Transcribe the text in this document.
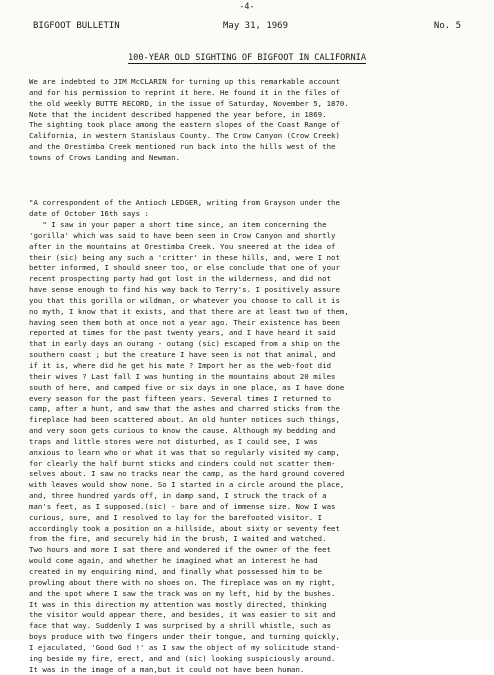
-4-
BIGFOOT BULLETIN	May 31, 1969	No. 5
100-YEAR OLD SIGHTING OF BIGFOOT IN CALIFORNIA
We are indebted to JIM McCLARIN for turning up this remarkable account
and for his permission to reprint it here. He found it in the files of
the old weekly BUTTE RECORD, in the issue of Saturday, November 5, 1870.
Note that the incident described happened the year before, in 1869.
The sighting took place among the eastern slopes of the Coast Range of
California, in western Stanislaus County. The Crow Canyon (Crow Creek)
and the Orestimba Creek mentioned run back into the hills west of the
towns of Crows Landing and Newman.
"A correspondent of the Antioch LEDGER, writing from Grayson under the
date of October 16th says :
" I saw in your paper a short time since, an item concerning the
'gorilla' which was said to have been seen in Crow Canyon and shortly
after in the mountains at Orestimba Creek. You sneered at the idea of
their (sic) being any such a 'critter' in these hills, and, were I not
better informed, I should sneer too, or else conclude that one of your
recent prospecting party had got lost in the wilderness, and did not
have sense enough to find his way back to Terry's. I positively assure
you that this gorilla or wildman, or whatever you choose to call it is
no myth, I know that it exists, and that there are at least two of them,
having seen them both at once not a year ago. Their existence has been
reported at times for the past twenty years, and I have heard it said
that in early days an ourang - outang (sic) escaped from a ship on the
southern coast ; but the creature I have seen is not that animal, and
if it is, where did he get his mate ? Import her as the web-foot did
their wives ? Last fall I was hunting in the mountains about 20 miles
south of here, and camped five or six days in one place, as I have done
every season for the past fifteen years. Several times I returned to
camp, after a hunt, and saw that the ashes and charred sticks from the
fireplace had been scattered about. An old hunter notices such things,
and very soon gets curious to know the cause. Although my bedding and
traps and little stores were not disturbed, as I could see, I was
anxious to learn who or what it was that so regularly visited my camp,
for clearly the half burnt sticks and cinders could not scatter them-
selves about. I saw no tracks near the camp, as the hard ground covered
with leaves would show none. So I started in a circle around the place,
and, three hundred yards off, in damp sand, I struck the track of a
man's feet, as I supposed.(sic) - bare and of immense size. Now I was
curious, sure, and I resolved to lay for the barefooted visitor. I
accordingly took a position on a hillside, about sixty or seventy feet
from the fire, and securely hid in the brush, I waited and watched.
Two hours and more I sat there and wondered if the owner of the feet
would come again, and whether he imagined what an interest he had
created in my enquiring mind, and finally what possessed him to be
prowling about there with no shoes on. The fireplace was on my right,
and the spot where I saw the track was on my left, hid by the bushes.
It was in this direction my attention was mostly directed, thinking
the visitor would appear there, and besides, it was easier to sit and
face that way. Suddenly I was surprised by a shrill whistle, such as
boys produce with two fingers under their tongue, and turning quickly,
I ejaculated, 'Good God !' as I saw the object of my solicitude stand-
ing beside my fire, erect, and and (sic) looking suspiciously around.
It was in the image of a man,but it could not have been human.
